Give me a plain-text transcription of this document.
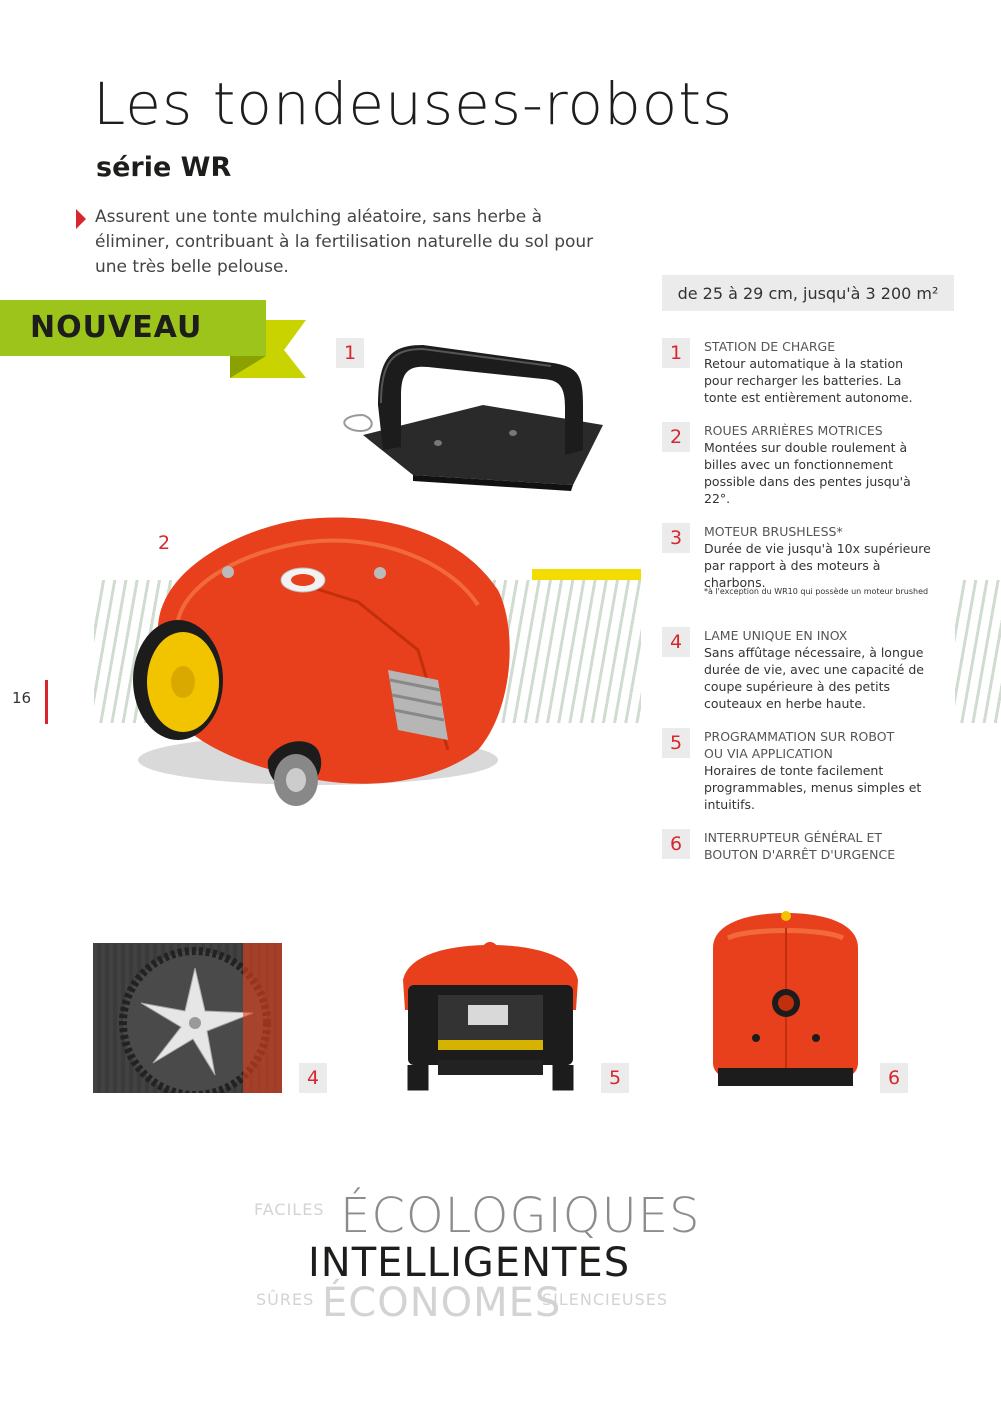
Les tondeuses-robots
série WR

Assurent une tonte mulching aléatoire, sans herbe à éliminer, contribuant à la fertilisation naturelle du sol pour une très belle pelouse.

de 25 à 29 cm, jusqu'à 3 200 m²
NOUVEAU
1
2
16
1	STATION DE CHARGE
Retour automatique à la station pour recharger les batteries. La tonte est entièrement autonome.
2	ROUES ARRIÈRES MOTRICES
Montées sur double roulement à billes avec un fonctionnement possible dans des pentes jusqu'à 22°.
3	MOTEUR BRUSHLESS*
Durée de vie jusqu'à 10x supérieure par rapport à des moteurs à charbons.
*à l'exception du WR10 qui possède un moteur brushed
4	LAME UNIQUE EN INOX
Sans affûtage nécessaire, à longue durée de vie, avec une capacité de coupe supérieure à des petits couteaux en herbe haute.
5	PROGRAMMATION SUR ROBOT OU VIA APPLICATION
Horaires de tonte facilement programmables, menus simples et intuitifs.
6	INTERRUPTEUR GÉNÉRAL ET BOUTON D'ARRÊT D'URGENCE
4	5	6
FACILES ÉCOLOGIQUES
INTELLIGENTES
SÛRES ÉCONOMES
SILENCIEUSES
